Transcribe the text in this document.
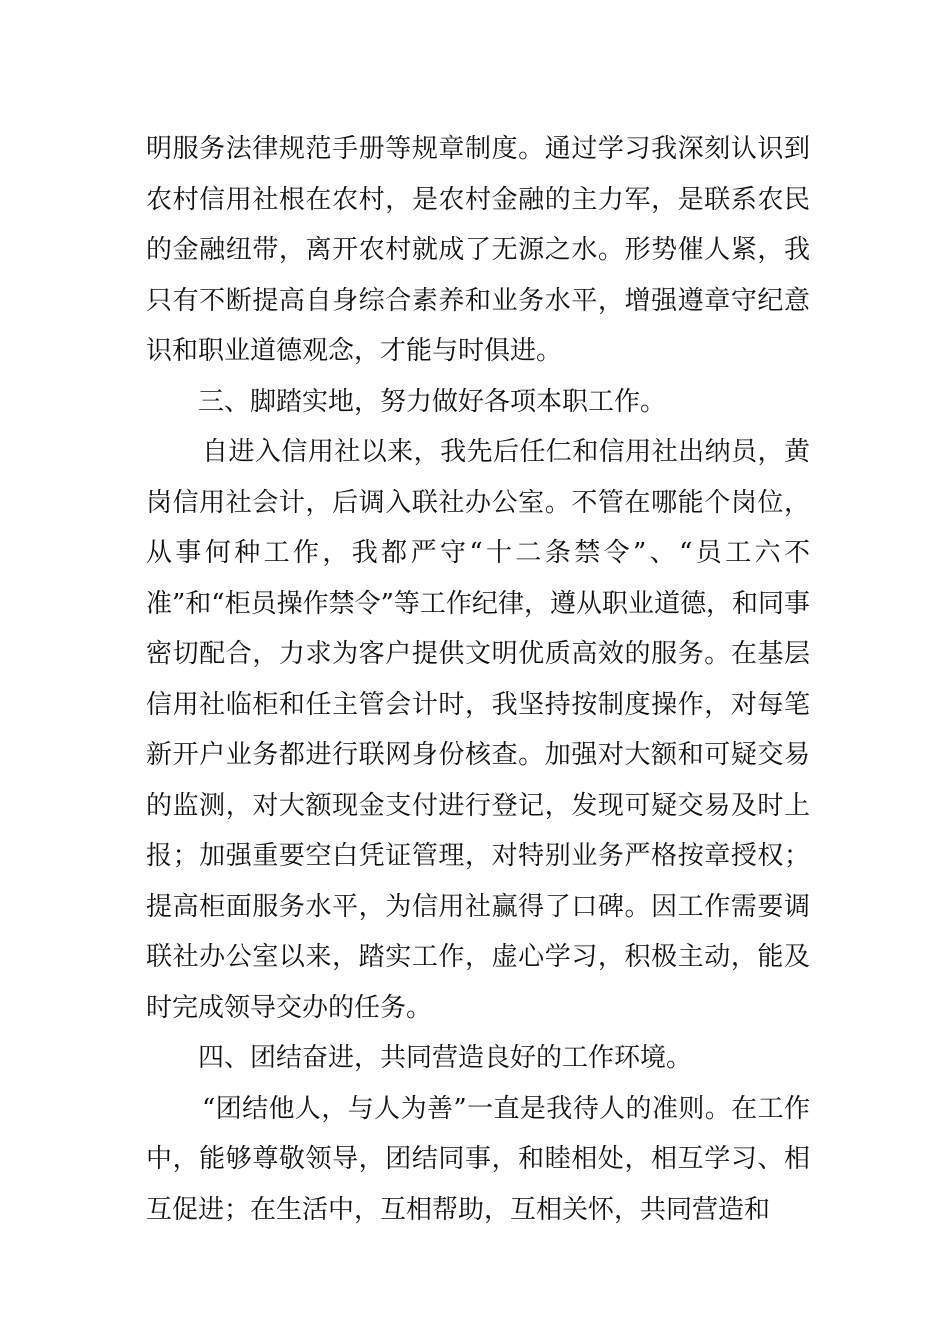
明服务法律规范手册等规章制度。通过学习我深刻认识到农村信用社根在农村，是农村金融的主力军，是联系农民的金融纽带，离开农村就成了无源之水。形势催人紧，我只有不断提高自身综合素养和业务水平，增强遵章守纪意识和职业道德观念，才能与时俱进。

三、脚踏实地，努力做好各项本职工作。

自进入信用社以来，我先后任仁和信用社出纳员，黄岗信用社会计，后调入联社办公室。不管在哪能个岗位，从事何种工作，我都严守“十二条禁令”、“员工六不准”和“柜员操作禁令”等工作纪律，遵从职业道德，和同事密切配合，力求为客户提供文明优质高效的服务。在基层信用社临柜和任主管会计时，我坚持按制度操作，对每笔新开户业务都进行联网身份核查。加强对大额和可疑交易的监测，对大额现金支付进行登记，发现可疑交易及时上报；加强重要空白凭证管理，对特别业务严格按章授权；提高柜面服务水平，为信用社赢得了口碑。因工作需要调联社办公室以来，踏实工作，虚心学习，积极主动，能及时完成领导交办的任务。

四、团结奋进，共同营造良好的工作环境。

“团结他人，与人为善”一直是我待人的准则。在工作中，能够尊敬领导，团结同事，和睦相处，相互学习、相互促进；在生活中，互相帮助，互相关怀，共同营造和
